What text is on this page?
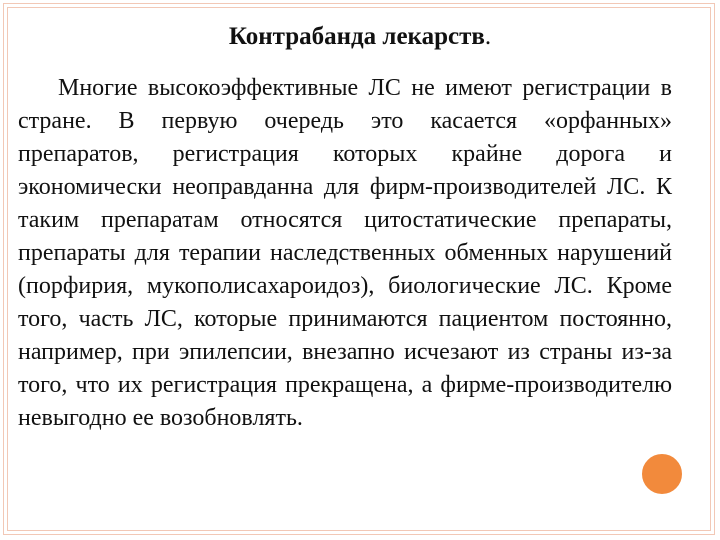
Контрабанда лекарств.
Многие высокоэффективные ЛС не имеют регистрации в стране. В первую очередь это касается «орфанных» препаратов, регистрация которых крайне дорога и экономически неоправданна для фирм-производителей ЛС. К таким препаратам относятся цитостатические препараты, препараты для терапии наследственных обменных нарушений (порфирия, мукополисахароидоз), биологические ЛС. Кроме того, часть ЛС, которые принимаются пациентом постоянно, например, при эпилепсии, внезапно исчезают из страны из-за того, что их регистрация прекращена, а фирме-производителю невыгодно ее возобновлять.
